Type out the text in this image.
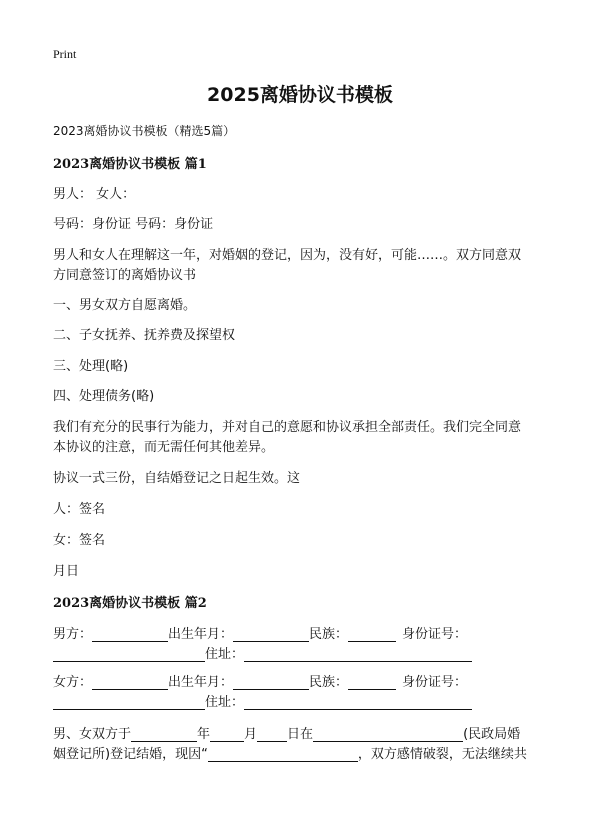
Print
2025离婚协议书模板
2023离婚协议书模板（精选5篇）
2023离婚协议书模板 篇1
男人： 女人：
号码：身份证 号码：身份证
男人和女人在理解这一年，对婚姻的登记，因为，没有好，可能……。双方同意双
方同意签订的离婚协议书
一、男女双方自愿离婚。
二、子女抚养、抚养费及探望权
三、处理(略)
四、处理债务(略)
我们有充分的民事行为能力，并对自己的意愿和协议承担全部责任。我们完全同意
本协议的注意，而无需任何其他差异。
协议一式三份，自结婚登记之日起生效。这
人：签名
女：签名
月日
2023离婚协议书模板 篇2
男方：	出生年月：	民族：	身份证号：
住址：
女方：	出生年月：	民族：	身份证号：
住址：
男、女双方于	年	月 日在	(民政局婚
姻登记所)登记结婚，现因“	，双方感情破裂，无法继续共
